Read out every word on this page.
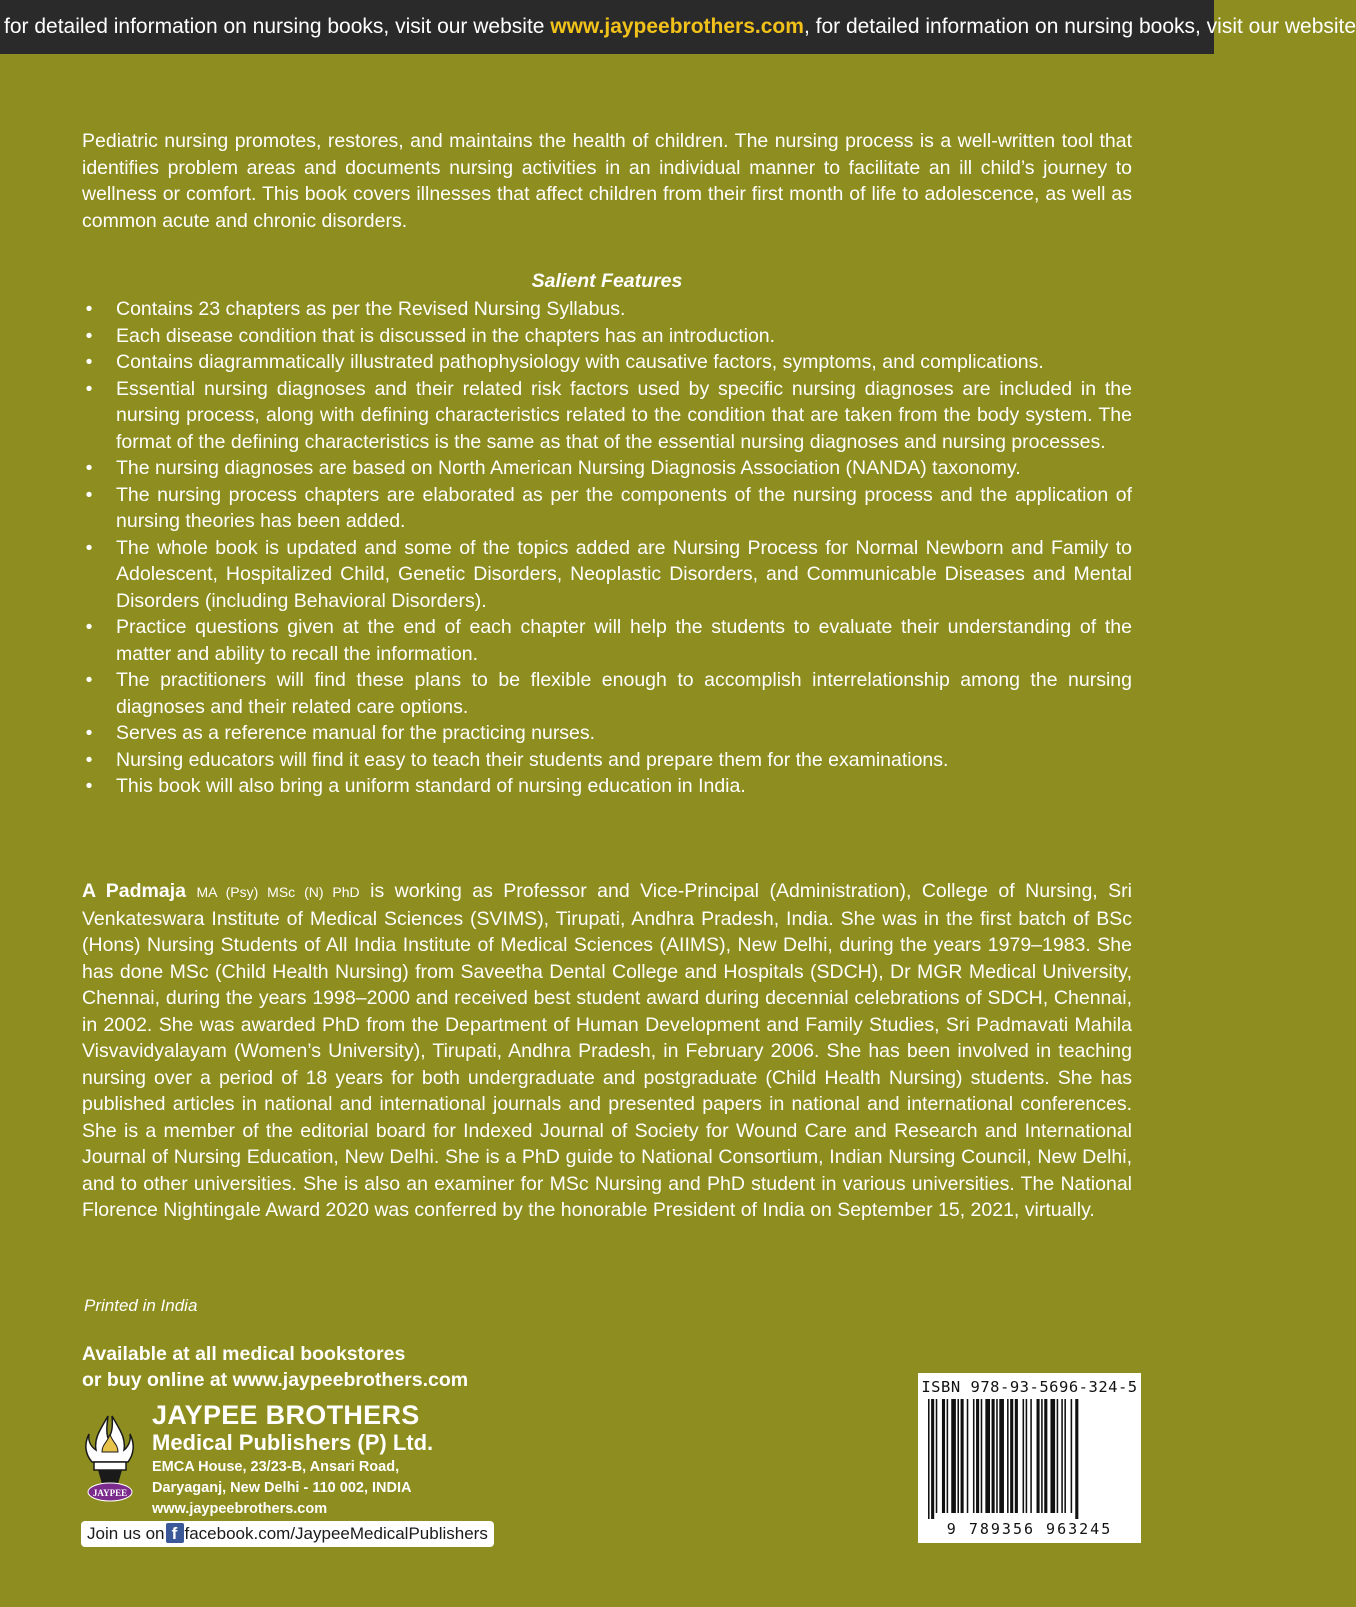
for detailed information on nursing books, visit our website www.jaypeebrothers.com, for detailed information on nursing books, visit our website
Pediatric nursing promotes, restores, and maintains the health of children. The nursing process is a well-written tool that identifies problem areas and documents nursing activities in an individual manner to facilitate an ill child’s journey to wellness or comfort. This book covers illnesses that affect children from their first month of life to adolescence, as well as common acute and chronic disorders.
Salient Features
• Contains 23 chapters as per the Revised Nursing Syllabus.
• Each disease condition that is discussed in the chapters has an introduction.
• Contains diagrammatically illustrated pathophysiology with causative factors, symptoms, and complications.
• Essential nursing diagnoses and their related risk factors used by specific nursing diagnoses are included in the nursing process, along with defining characteristics related to the condition that are taken from the body system. The format of the defining characteristics is the same as that of the essential nursing diagnoses and nursing processes.
• The nursing diagnoses are based on North American Nursing Diagnosis Association (NANDA) taxonomy.
• The nursing process chapters are elaborated as per the components of the nursing process and the application of nursing theories has been added.
• The whole book is updated and some of the topics added are Nursing Process for Normal Newborn and Family to Adolescent, Hospitalized Child, Genetic Disorders, Neoplastic Disorders, and Communicable Diseases and Mental Disorders (including Behavioral Disorders).
• Practice questions given at the end of each chapter will help the students to evaluate their understanding of the matter and ability to recall the information.
• The practitioners will find these plans to be flexible enough to accomplish interrelationship among the nursing diagnoses and their related care options.
• Serves as a reference manual for the practicing nurses.
• Nursing educators will find it easy to teach their students and prepare them for the examinations.
• This book will also bring a uniform standard of nursing education in India.
A Padmaja MA (Psy) MSc (N) PhD is working as Professor and Vice-Principal (Administration), College of Nursing, Sri Venkateswara Institute of Medical Sciences (SVIMS), Tirupati, Andhra Pradesh, India. She was in the first batch of BSc (Hons) Nursing Students of All India Institute of Medical Sciences (AIIMS), New Delhi, during the years 1979–1983. She has done MSc (Child Health Nursing) from Saveetha Dental College and Hospitals (SDCH), Dr MGR Medical University, Chennai, during the years 1998–2000 and received best student award during decennial celebrations of SDCH, Chennai, in 2002. She was awarded PhD from the Department of Human Development and Family Studies, Sri Padmavati Mahila Visvavidyalayam (Women’s University), Tirupati, Andhra Pradesh, in February 2006. She has been involved in teaching nursing over a period of 18 years for both undergraduate and postgraduate (Child Health Nursing) students. She has published articles in national and international journals and presented papers in national and international conferences. She is a member of the editorial board for Indexed Journal of Society for Wound Care and Research and International Journal of Nursing Education, New Delhi. She is a PhD guide to National Consortium, Indian Nursing Council, New Delhi, and to other universities. She is also an examiner for MSc Nursing and PhD student in various universities. The National Florence Nightingale Award 2020 was conferred by the honorable President of India on September 15, 2021, virtually.
Printed in India
Available at all medical bookstores
or buy online at www.jaypeebrothers.com
JAYPEE
JAYPEE BROTHERS
Medical Publishers (P) Ltd.
EMCA House, 23/23-B, Ansari Road,
Daryaganj, New Delhi - 110 002, INDIA
www.jaypeebrothers.com
Join us on f facebook.com/JaypeeMedicalPublishers
ISBN 978-93-5696-324-5
9 789356 963245
